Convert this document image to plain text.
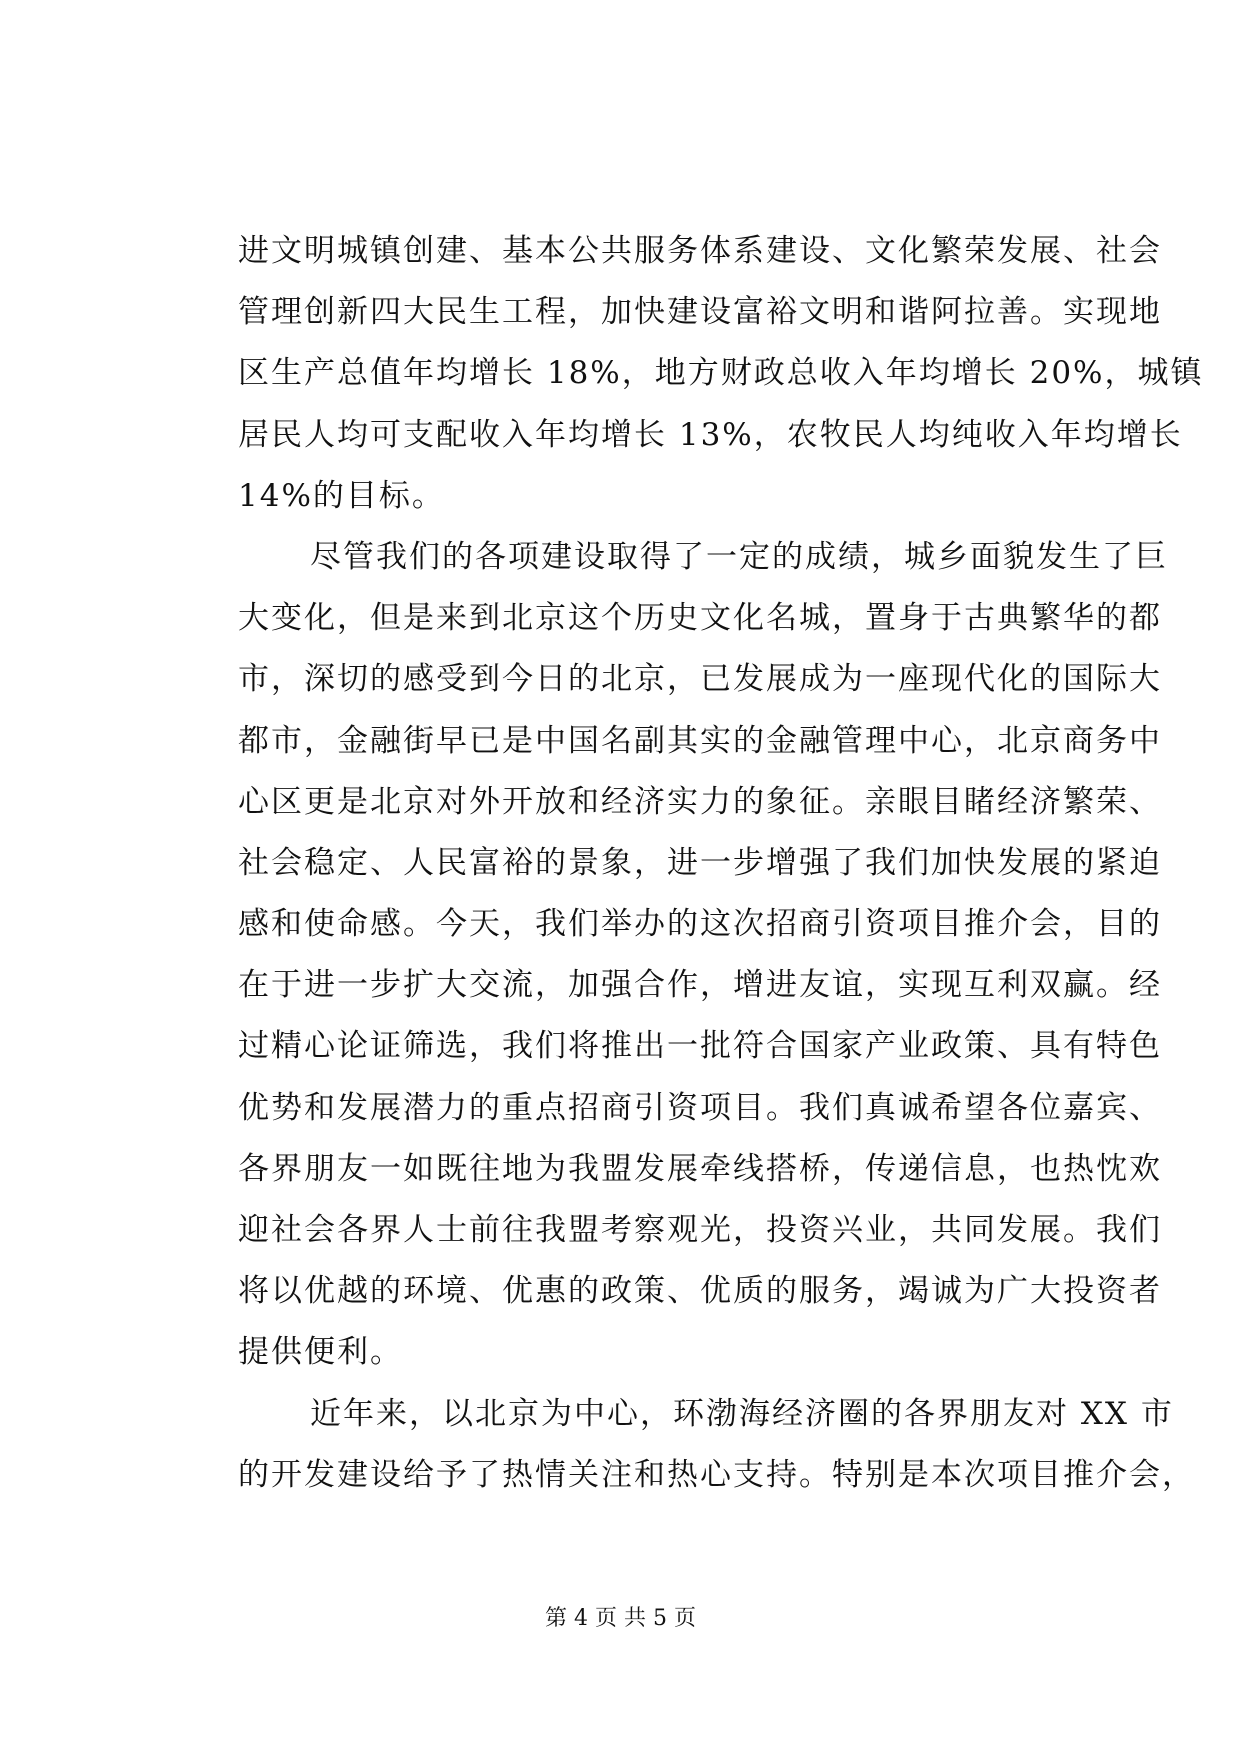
进文明城镇创建、基本公共服务体系建设、文化繁荣发展、社会
管理创新四大民生工程，加快建设富裕文明和谐阿拉善。实现地
区生产总值年均增长 18%，地方财政总收入年均增长 20%，城镇
居民人均可支配收入年均增长 13%，农牧民人均纯收入年均增长
14%的目标。
尽管我们的各项建设取得了一定的成绩，城乡面貌发生了巨
大变化，但是来到北京这个历史文化名城，置身于古典繁华的都
市，深切的感受到今日的北京，已发展成为一座现代化的国际大
都市，金融街早已是中国名副其实的金融管理中心，北京商务中
心区更是北京对外开放和经济实力的象征。亲眼目睹经济繁荣、
社会稳定、人民富裕的景象，进一步增强了我们加快发展的紧迫
感和使命感。今天，我们举办的这次招商引资项目推介会，目的
在于进一步扩大交流，加强合作，增进友谊，实现互利双赢。经
过精心论证筛选，我们将推出一批符合国家产业政策、具有特色
优势和发展潜力的重点招商引资项目。我们真诚希望各位嘉宾、
各界朋友一如既往地为我盟发展牵线搭桥，传递信息，也热忱欢
迎社会各界人士前往我盟考察观光，投资兴业，共同发展。我们
将以优越的环境、优惠的政策、优质的服务，竭诚为广大投资者
提供便利。
近年来，以北京为中心，环渤海经济圈的各界朋友对 XX 市
的开发建设给予了热情关注和热心支持。特别是本次项目推介会，
第 4 页 共 5 页
